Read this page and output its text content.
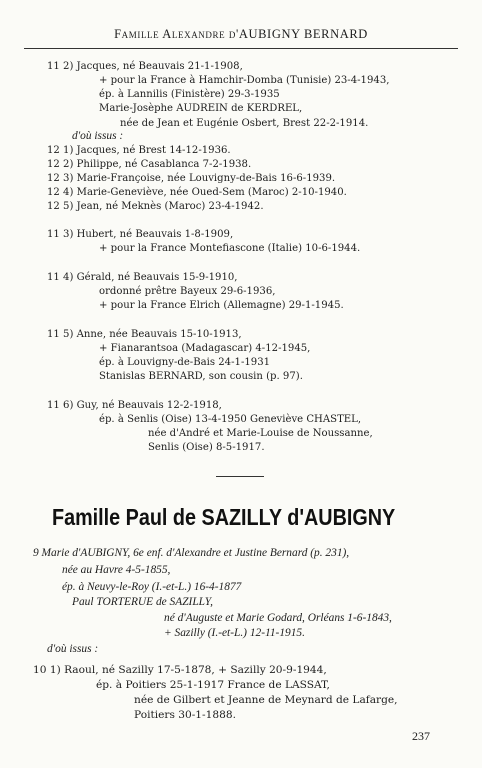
Famille Alexandre d'AUBIGNY BERNARD
11 2) Jacques, né Beauvais 21-1-1908,
+ pour la France à Hamchir-Domba (Tunisie) 23-4-1943,
ép. à Lannilis (Finistère) 29-3-1935
Marie-Josèphe AUDREIN de KERDREL,
née de Jean et Eugénie Osbert, Brest 22-2-1914.
d'où issus :
12 1) Jacques, né Brest 14-12-1936.
12 2) Philippe, né Casablanca 7-2-1938.
12 3) Marie-Françoise, née Louvigny-de-Bais 16-6-1939.
12 4) Marie-Geneviève, née Oued-Sem (Maroc) 2-10-1940.
12 5) Jean, né Meknès (Maroc) 23-4-1942.
11 3) Hubert, né Beauvais 1-8-1909,
+ pour la France Montefiascone (Italie) 10-6-1944.
11 4) Gérald, né Beauvais 15-9-1910,
ordonné prêtre Bayeux 29-6-1936,
+ pour la France Elrich (Allemagne) 29-1-1945.
11 5) Anne, née Beauvais 15-10-1913,
+ Fianarantsoa (Madagascar) 4-12-1945,
ép. à Louvigny-de-Bais 24-1-1931
Stanislas BERNARD, son cousin (p. 97).
11 6) Guy, né Beauvais 12-2-1918,
ép. à Senlis (Oise) 13-4-1950 Geneviève CHASTEL,
née d'André et Marie-Louise de Noussanne,
Senlis (Oise) 8-5-1917.
Famille Paul de SAZILLY d'AUBIGNY
9 Marie d'AUBIGNY, 6e enf. d'Alexandre et Justine Bernard (p. 231),
née au Havre 4-5-1855,
ép. à Neuvy-le-Roy (I.-et-L.) 16-4-1877
Paul TORTERUE de SAZILLY,
né d'Auguste et Marie Godard, Orléans 1-6-1843,
+ Sazilly (I.-et-L.) 12-11-1915.
d'où issus :
10 1) Raoul, né Sazilly 17-5-1878, + Sazilly 20-9-1944,
ép. à Poitiers 25-1-1917 France de LASSAT,
née de Gilbert et Jeanne de Meynard de Lafarge,
Poitiers 30-1-1888.
237
